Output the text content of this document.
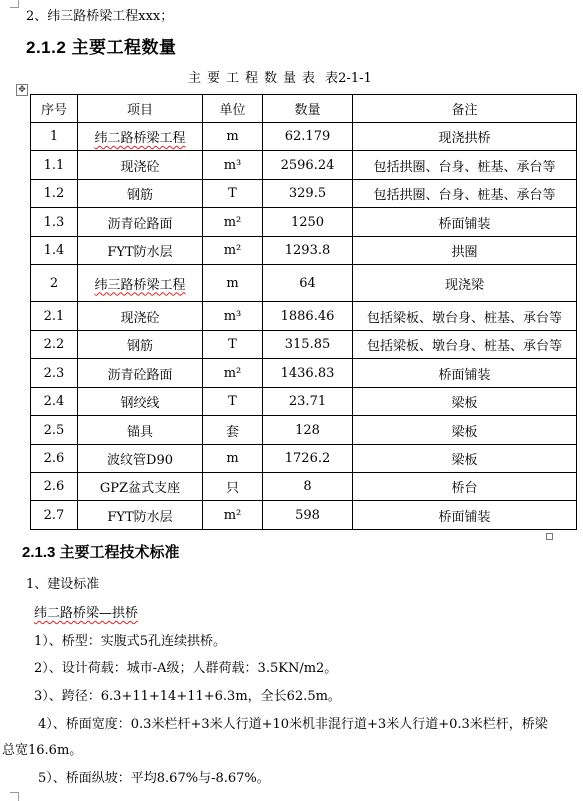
2、纬三路桥梁工程xxx；
2.1.2 主要工程数量
主要工程数量表 表2-1-1
✥
序号	项目	单位	数量	备注
1	纬二路桥梁工程	m	62.179	现浇拱桥
1.1	现浇砼	m³	2596.24	包括拱圈、台身、桩基、承台等
1.2	钢筋	T	329.5	包括拱圈、台身、桩基、承台等
1.3	沥青砼路面	m²	1250	桥面铺装
1.4	FYT防水层	m²	1293.8	拱圈
2	纬三路桥梁工程	m	64	现浇梁
2.1	现浇砼	m³	1886.46	包括梁板、墩台身、桩基、承台等
2.2	钢筋	T	315.85	包括梁板、墩台身、桩基、承台等
2.3	沥青砼路面	m²	1436.83	桥面铺装
2.4	钢绞线	T	23.71	梁板
2.5	锚具	套	128	梁板
2.6	波纹管D90	m	1726.2	梁板
2.6	GPZ盆式支座	只	8	桥台
2.7	FYT防水层	m²	598	桥面铺装
2.1.3 主要工程技术标准
1、建设标准
纬二路桥梁—拱桥
1）、桥型：实腹式5孔连续拱桥。
2）、设计荷载：城市-A级；人群荷载：3.5KN/m2。
3）、跨径：6.3+11+14+11+6.3m，全长62.5m。
4）、桥面宽度：0.3米栏杆+3米人行道+10米机非混行道+3米人行道+0.3米栏杆，桥梁
总宽16.6m。
5）、桥面纵坡：平均8.67%与-8.67%。
